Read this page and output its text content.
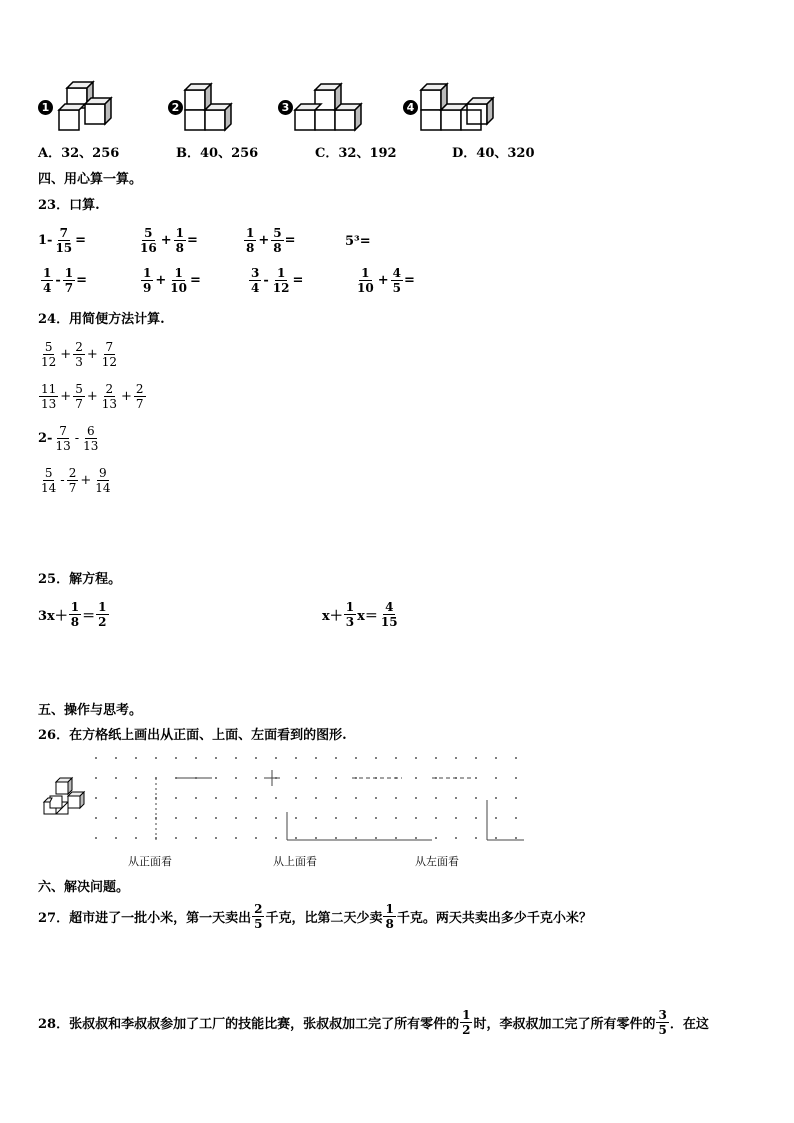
1	2	3	4
A．32、256	B．40、256	C．32、192	D．40、320
四、用心算一算。
23．口算.
$1- \frac{7}{15}$ =	$\frac{5}{16} + \frac{1}{8}$ =	$\frac{1}{8} + \frac{5}{8}$ =	5³=
$\frac{1}{4} - \frac{1}{7}$ =	$\frac{1}{9} + \frac{1}{10}$ =	$\frac{3}{4} - \frac{1}{12}$ =	$\frac{1}{10} + \frac{4}{5}$ =
24．用简便方法计算.
$\frac{5}{12} + \frac{2}{3} + \frac{7}{12}$
$\frac{11}{13} + \frac{5}{7} + \frac{2}{13} + \frac{2}{7}$
$2- \frac{7}{13} - \frac{6}{13}$
$\frac{5}{14} - \frac{2}{7} + \frac{9}{14}$
25．解方程。
$3x+ \frac{1}{8} = \frac{1}{2}$	$x+ \frac{1}{3} x= \frac{4}{15}$
五、操作与思考。
26．在方格纸上画出从正面、上面、左面看到的图形.
从正面看	从上面看	从左面看
六、解决问题。
27．超市进了一批小米，第一天卖出 $\frac{2}{5}$ 千克，比第二天少卖 $\frac{1}{8}$ 千克。两天共卖出多少千克小米？
28．张叔叔和李叔叔参加了工厂的技能比赛，张叔叔加工完了所有零件的 $\frac{1}{2}$ 时，李叔叔加工完了所有零件的 $\frac{3}{5}$ ．在这
